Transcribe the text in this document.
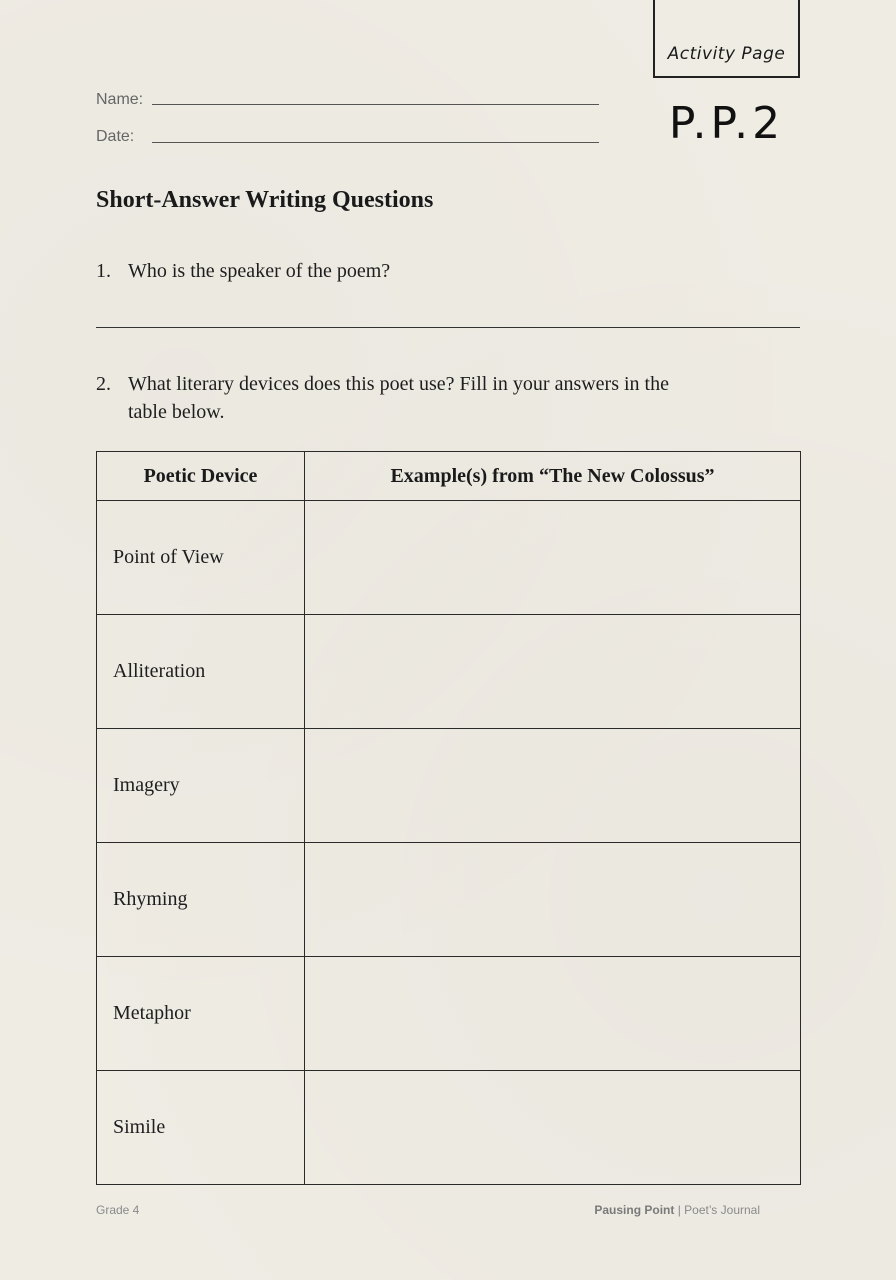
Activity Page
P.P.2
Name:
Date:
Short-Answer Writing Questions
1. Who is the speaker of the poem?
2. What literary devices does this poet use? Fill in your answers in the
table below.
Poetic Device	Example(s) from “The New Colossus”
Point of View	
Alliteration	
Imagery	
Rhyming	
Metaphor	
Simile	
Grade 4	Pausing Point | Poet’s Journal
